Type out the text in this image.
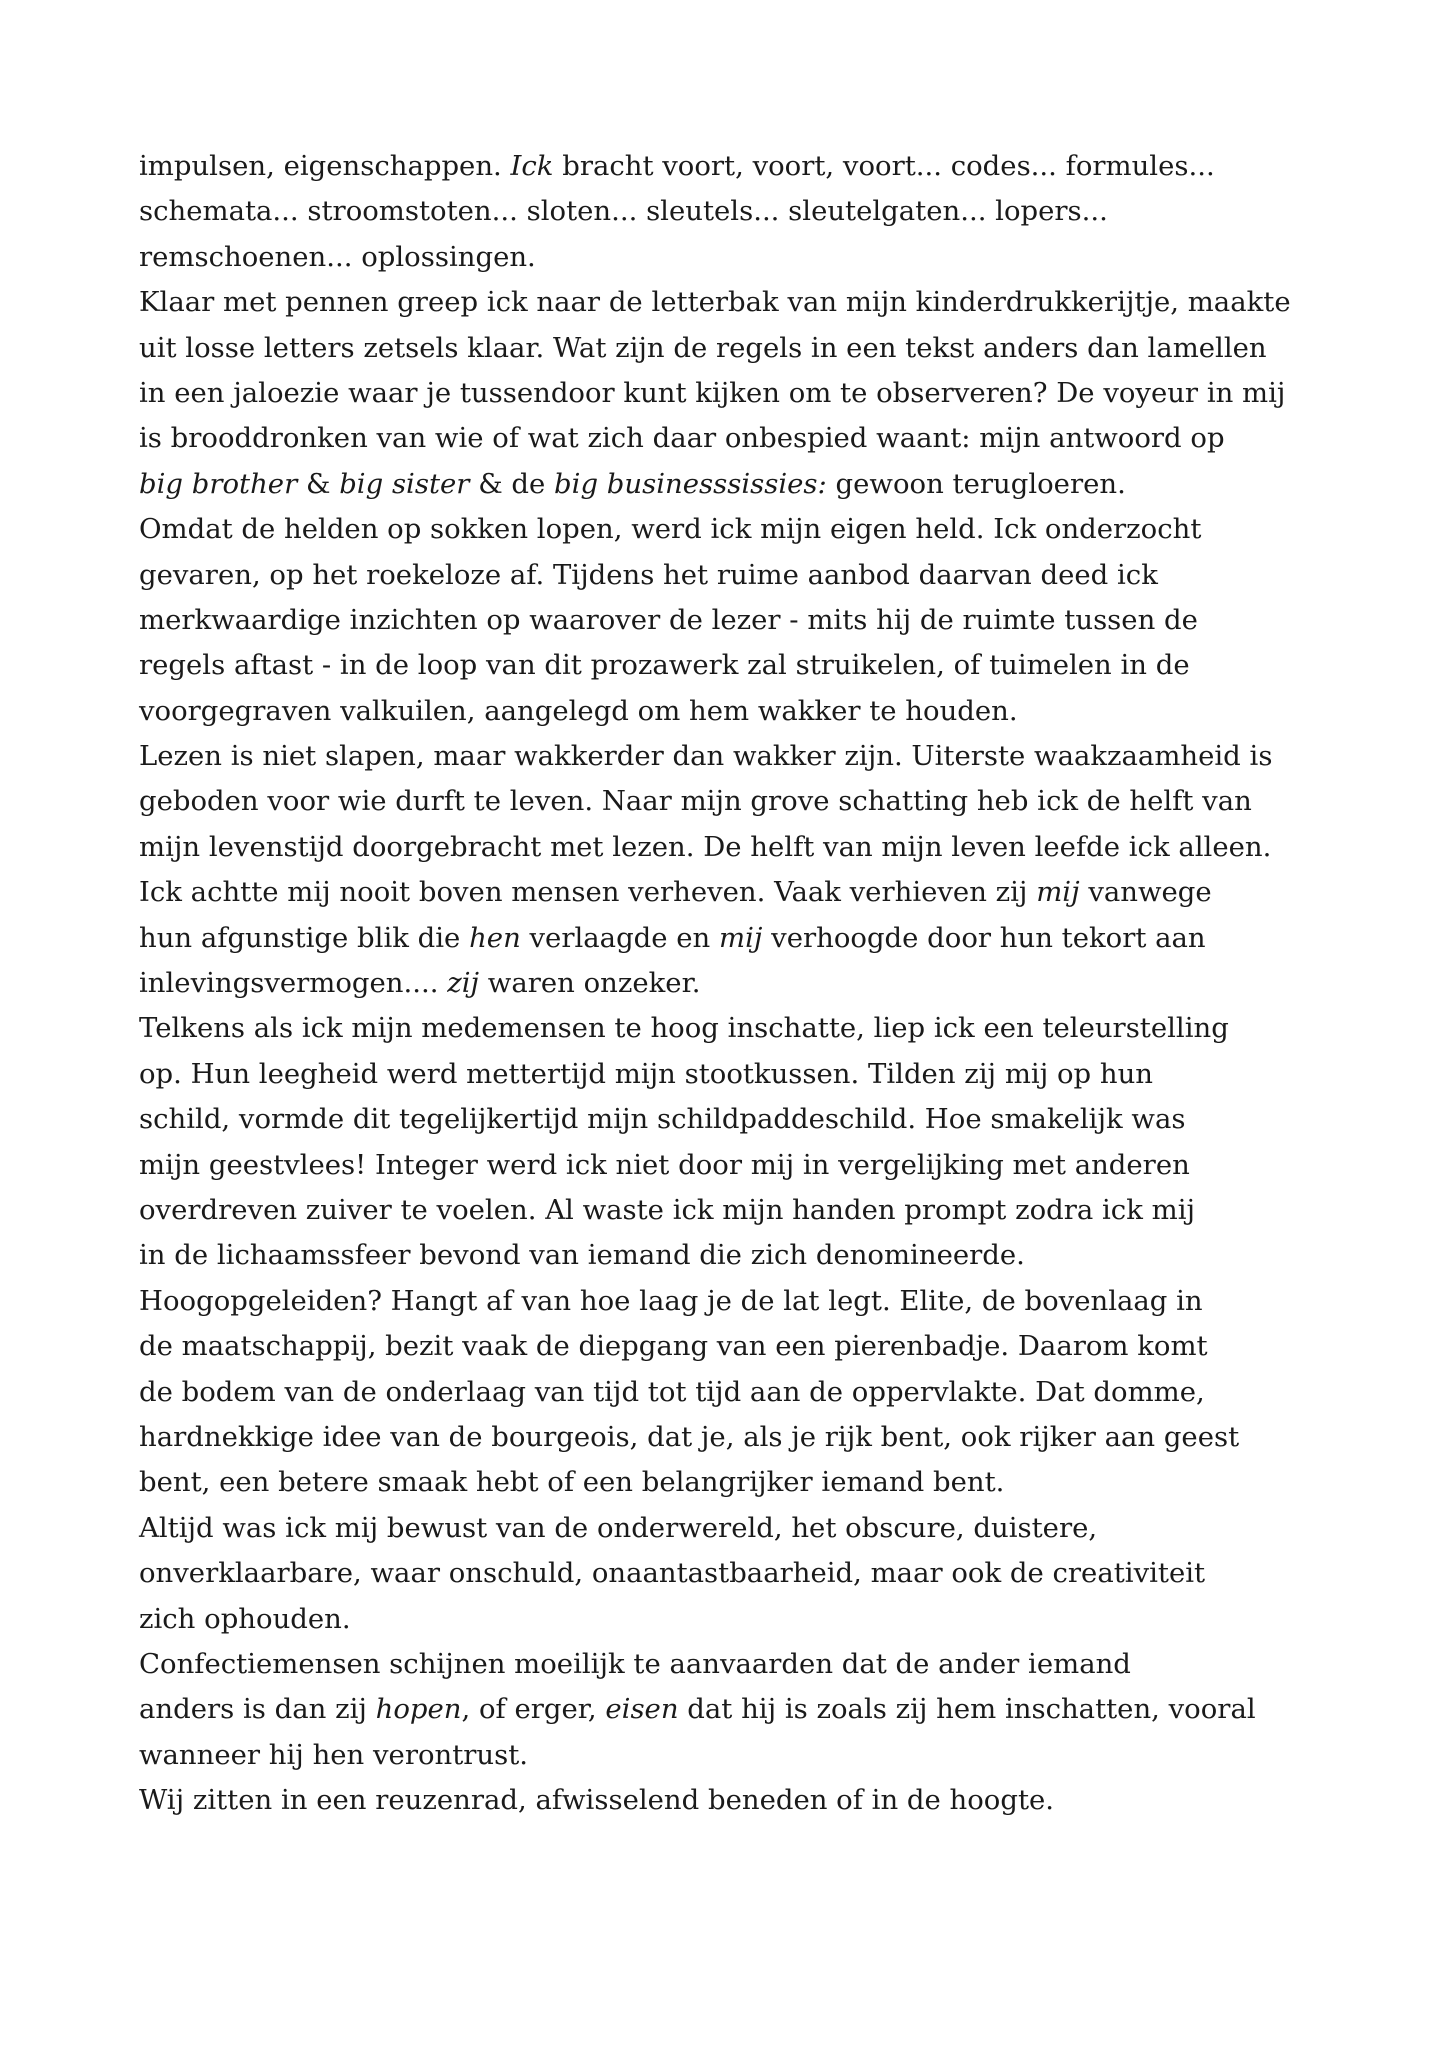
impulsen, eigenschappen. Ick bracht voort, voort, voort... codes... formules...
schemata... stroomstoten... sloten... sleutels... sleutelgaten... lopers...
remschoenen... oplossingen.
Klaar met pennen greep ick naar de letterbak van mijn kinderdrukkerijtje, maakte
uit losse letters zetsels klaar. Wat zijn de regels in een tekst anders dan lamellen
in een jaloezie waar je tussendoor kunt kijken om te observeren? De voyeur in mij
is brooddronken van wie of wat zich daar onbespied waant: mijn antwoord op
big brother & big sister & de big businesssissies: gewoon terugloeren.
Omdat de helden op sokken lopen, werd ick mijn eigen held. Ick onderzocht
gevaren, op het roekeloze af. Tijdens het ruime aanbod daarvan deed ick
merkwaardige inzichten op waarover de lezer - mits hij de ruimte tussen de
regels aftast - in de loop van dit prozawerk zal struikelen, of tuimelen in de
voorgegraven valkuilen, aangelegd om hem wakker te houden.
Lezen is niet slapen, maar wakkerder dan wakker zijn. Uiterste waakzaamheid is
geboden voor wie durft te leven. Naar mijn grove schatting heb ick de helft van
mijn levenstijd doorgebracht met lezen. De helft van mijn leven leefde ick alleen.
Ick achtte mij nooit boven mensen verheven. Vaak verhieven zij mij vanwege
hun afgunstige blik die hen verlaagde en mij verhoogde door hun tekort aan
inlevingsvermogen.... zij waren onzeker.
Telkens als ick mijn medemensen te hoog inschatte, liep ick een teleurstelling
op. Hun leegheid werd mettertijd mijn stootkussen. Tilden zij mij op hun
schild, vormde dit tegelijkertijd mijn schildpaddeschild. Hoe smakelijk was
mijn geestvlees! Integer werd ick niet door mij in vergelijking met anderen
overdreven zuiver te voelen. Al waste ick mijn handen prompt zodra ick mij
in de lichaamssfeer bevond van iemand die zich denomineerde.
Hoogopgeleiden? Hangt af van hoe laag je de lat legt. Elite, de bovenlaag in
de maatschappij, bezit vaak de diepgang van een pierenbadje. Daarom komt
de bodem van de onderlaag van tijd tot tijd aan de oppervlakte. Dat domme,
hardnekkige idee van de bourgeois, dat je, als je rijk bent, ook rijker aan geest
bent, een betere smaak hebt of een belangrijker iemand bent.
Altijd was ick mij bewust van de onderwereld, het obscure, duistere,
onverklaarbare, waar onschuld, onaantastbaarheid, maar ook de creativiteit
zich ophouden.
Confectiemensen schijnen moeilijk te aanvaarden dat de ander iemand
anders is dan zij hopen, of erger, eisen dat hij is zoals zij hem inschatten, vooral
wanneer hij hen verontrust.
Wij zitten in een reuzenrad, afwisselend beneden of in de hoogte.
